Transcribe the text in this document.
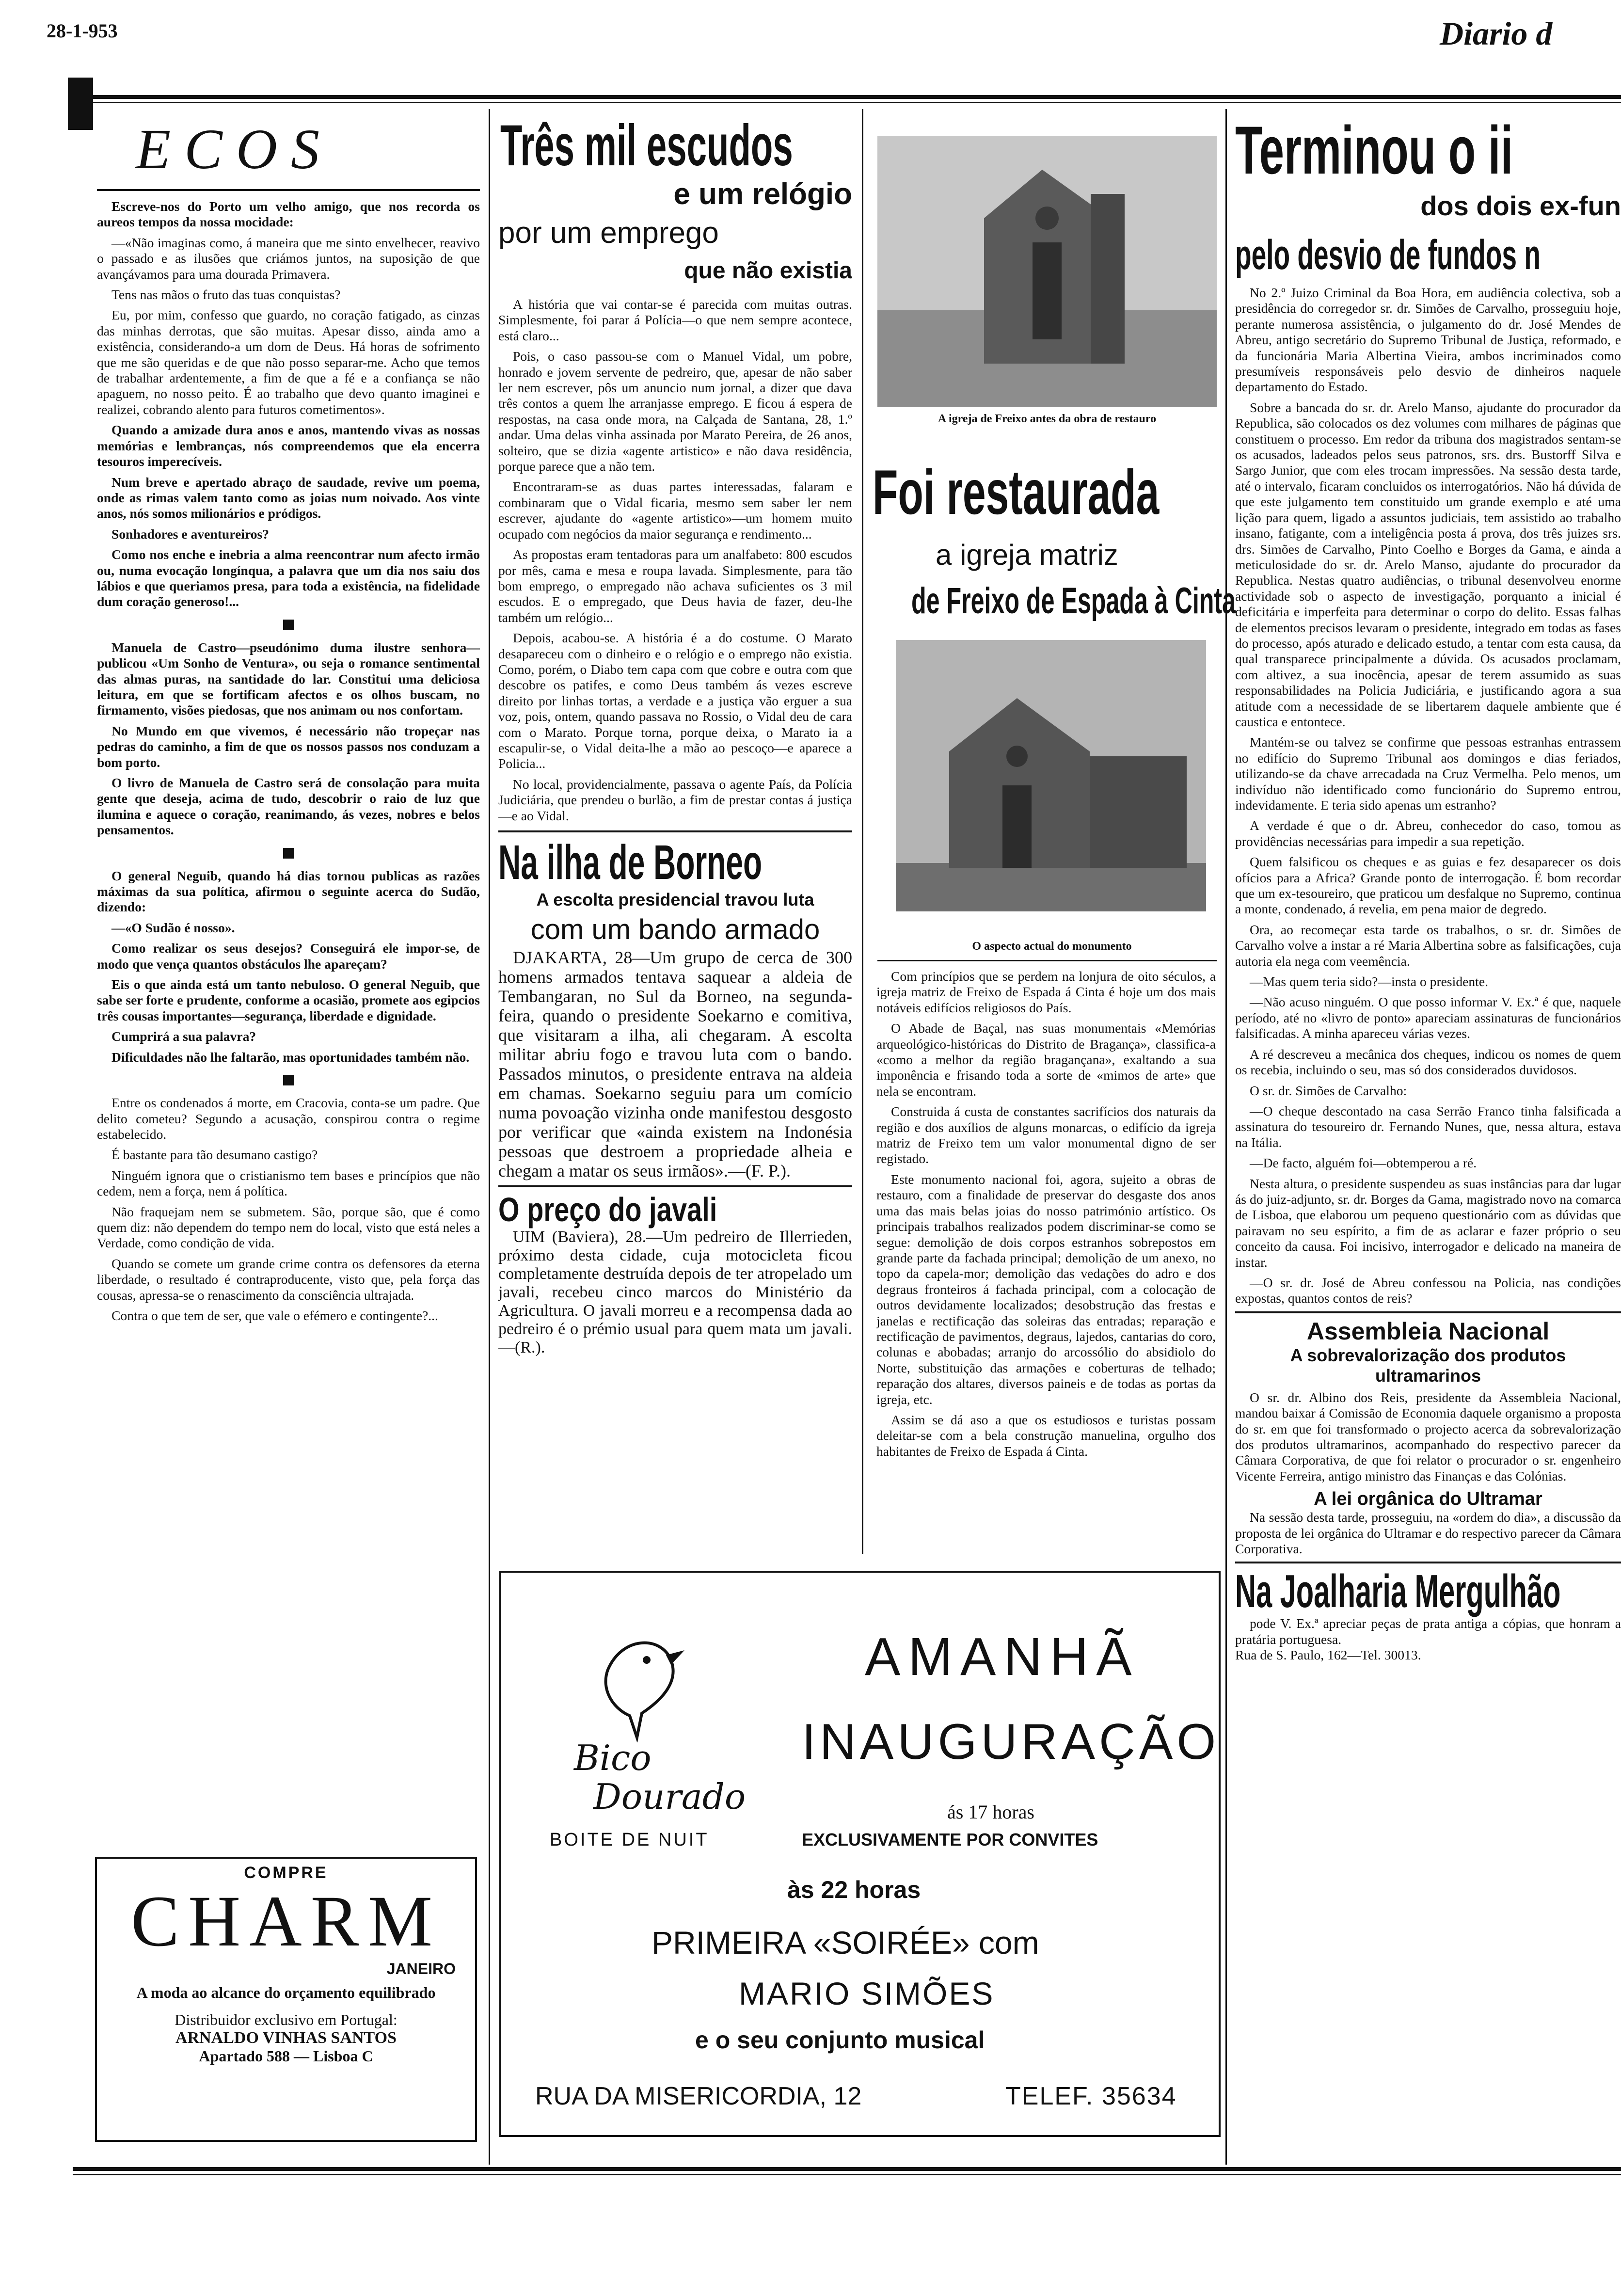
28-1-953	Diario d
ECOS

Escreve-nos do Porto um velho amigo, que nos recorda os aureos tempos da nossa mocidade:

—«Não imaginas como, á maneira que me sinto envelhecer, reavivo o passado e as ilusões que criámos juntos, na suposição de que avançávamos para uma dourada Primavera.

Tens nas mãos o fruto das tuas conquistas?

Eu, por mim, confesso que guardo, no coração fatigado, as cinzas das minhas derrotas, que são muitas. Apesar disso, ainda amo a existência, considerando-a um dom de Deus. Há horas de sofrimento que me são queridas e de que não posso separar-me. Acho que temos de trabalhar ardentemente, a fim de que a fé e a confiança se não apaguem, no nosso peito. É ao trabalho que devo quanto imaginei e realizei, cobrando alento para futuros cometimentos».

Quando a amizade dura anos e anos, mantendo vivas as nossas memórias e lembranças, nós compreendemos que ela encerra tesouros imperecíveis.

Num breve e apertado abraço de saudade, revive um poema, onde as rimas valem tanto como as joias num noivado. Aos vinte anos, nós somos milionários e pródigos.

Sonhadores e aventureiros?

Como nos enche e inebria a alma reencontrar num afecto irmão ou, numa evocação longínqua, a palavra que um dia nos saiu dos lábios e que queriamos presa, para toda a existência, na fidelidade dum coração generoso!...

Manuela de Castro—pseudónimo duma ilustre senhora—publicou «Um Sonho de Ventura», ou seja o romance sentimental das almas puras, na santidade do lar. Constitui uma deliciosa leitura, em que se fortificam afectos e os olhos buscam, no firmamento, visões piedosas, que nos animam ou nos confortam.

No Mundo em que vivemos, é necessário não tropeçar nas pedras do caminho, a fim de que os nossos passos nos conduzam a bom porto.

O livro de Manuela de Castro será de consolação para muita gente que deseja, acima de tudo, descobrir o raio de luz que ilumina e aquece o coração, reanimando, ás vezes, nobres e belos pensamentos.

O general Neguib, quando há dias tornou publicas as razões máximas da sua política, afirmou o seguinte acerca do Sudão, dizendo:

—«O Sudão é nosso».

Como realizar os seus desejos? Conseguirá ele impor-se, de modo que vença quantos obstáculos lhe apareçam?

Eis o que ainda está um tanto nebuloso. O general Neguib, que sabe ser forte e prudente, conforme a ocasião, promete aos egipcios três cousas importantes—segurança, liberdade e dignidade.

Cumprirá a sua palavra?

Dificuldades não lhe faltarão, mas oportunidades também não.

Entre os condenados á morte, em Cracovia, conta-se um padre. Que delito cometeu? Segundo a acusação, conspirou contra o regime estabelecido.

É bastante para tão desumano castigo?

Ninguém ignora que o cristianismo tem bases e princípios que não cedem, nem a força, nem á política.

Não fraquejam nem se submetem. São, porque são, que é como quem diz: não dependem do tempo nem do local, visto que está neles a Verdade, como condição de vida.

Quando se comete um grande crime contra os defensores da eterna liberdade, o resultado é contraproducente, visto que, pela força das cousas, apressa-se o renascimento da consciência ultrajada.

Contra o que tem de ser, que vale o efémero e contingente?...

COMPRE
CHARM
JANEIRO
A moda ao alcance do orçamento equilibrado
Distribuidor exclusivo em Portugal:
ARNALDO VINHAS SANTOS
Apartado 588 — Lisboa C
Três mil escudos
e um relógio
por um emprego
que não existia

A história que vai contar-se é parecida com muitas outras. Simplesmente, foi parar á Polícia—o que nem sempre acontece, está claro...

Pois, o caso passou-se com o Manuel Vidal, um pobre, honrado e jovem servente de pedreiro, que, apesar de não saber ler nem escrever, pôs um anuncio num jornal, a dizer que dava três contos a quem lhe arranjasse emprego. E ficou á espera de respostas, na casa onde mora, na Calçada de Santana, 28, 1.º andar. Uma delas vinha assinada por Marato Pereira, de 26 anos, solteiro, que se dizia «agente artistico» e não dava residência, porque parece que a não tem.

Encontraram-se as duas partes interessadas, falaram e combinaram que o Vidal ficaria, mesmo sem saber ler nem escrever, ajudante do «agente artistico»—um homem muito ocupado com negócios da maior segurança e rendimento...

As propostas eram tentadoras para um analfabeto: 800 escudos por mês, cama e mesa e roupa lavada. Simplesmente, para tão bom emprego, o empregado não achava suficientes os 3 mil escudos. E o empregado, que Deus havia de fazer, deu-lhe também um relógio...

Depois, acabou-se. A história é a do costume. O Marato desapareceu com o dinheiro e o relógio e o emprego não existia. Como, porém, o Diabo tem capa com que cobre e outra com que descobre os patifes, e como Deus também ás vezes escreve direito por linhas tortas, a verdade e a justiça vão erguer a sua voz, pois, ontem, quando passava no Rossio, o Vidal deu de cara com o Marato. Porque torna, porque deixa, o Marato ia a escapulir-se, o Vidal deita-lhe a mão ao pescoço—e aparece a Policia...

No local, providencialmente, passava o agente País, da Polícia Judiciária, que prendeu o burlão, a fim de prestar contas á justiça—e ao Vidal.

Na ilha de Borneo
A escolta presidencial travou luta
com um bando armado

DJAKARTA, 28—Um grupo de cerca de 300 homens armados tentava saquear a aldeia de Tembangaran, no Sul da Borneo, na segunda-feira, quando o presidente Soekarno e comitiva, que visitaram a ilha, ali chegaram. A escolta militar abriu fogo e travou luta com o bando. Passados minutos, o presidente entrava na aldeia em chamas. Soekarno seguiu para um comício numa povoação vizinha onde manifestou desgosto por verificar que «ainda existem na Indonésia pessoas que destroem a propriedade alheia e chegam a matar os seus irmãos».—(F. P.).

O preço do javali

UIM (Baviera), 28.—Um pedreiro de Illerrieden, próximo desta cidade, cuja motocicleta ficou completamente destruída depois de ter atropelado um javali, recebeu cinco marcos do Ministério da Agricultura. O javali morreu e a recompensa dada ao pedreiro é o prémio usual para quem mata um javali.—(R.).

A igreja de Freixo antes da obra de restauro
Foi restaurada
a igreja matriz
de Freixo de Espada à Cinta
O aspecto actual do monumento

Com princípios que se perdem na lonjura de oito séculos, a igreja matriz de Freixo de Espada á Cinta é hoje um dos mais notáveis edifícios religiosos do País.

O Abade de Baçal, nas suas monumentais «Memórias arqueológico-históricas do Distrito de Bragança», classifica-a «como a melhor da região bragançana», exaltando a sua imponência e frisando toda a sorte de «mimos de arte» que nela se encontram.

Construida á custa de constantes sacrifícios dos naturais da região e dos auxílios de alguns monarcas, o edifício da igreja matriz de Freixo tem um valor monumental digno de ser registado.

Este monumento nacional foi, agora, sujeito a obras de restauro, com a finalidade de preservar do desgaste dos anos uma das mais belas joias do nosso património artístico. Os principais trabalhos realizados podem discriminar-se como se segue: demolição de dois corpos estranhos sobrepostos em grande parte da fachada principal; demolição de um anexo, no topo da capela-mor; demolição das vedações do adro e dos degraus fronteiros á fachada principal, com a colocação de outros devidamente localizados; desobstrução das frestas e janelas e rectificação das soleiras das entradas; reparação e rectificação de pavimentos, degraus, lajedos, cantarias do coro, colunas e abobadas; arranjo do arcossólio do absidiolo do Norte, substituição das armações e coberturas de telhado; reparação dos altares, diversos paineis e de todas as portas da igreja, etc.

Assim se dá aso a que os estudiosos e turistas possam deleitar-se com a bela construção manuelina, orgulho dos habitantes de Freixo de Espada á Cinta.

Bico
Dourado
BOITE DE NUIT
AMANHÃ
INAUGURAÇÃO
ás 17 horas
EXCLUSIVAMENTE POR CONVITES
às 22 horas
PRIMEIRA «SOIRÉE» com
MARIO SIMÕES
e o seu conjunto musical
RUA DA MISERICORDIA, 12	TELEF. 35634
Terminou o ii
dos dois ex-fun
pelo desvio de fundos n

No 2.º Juizo Criminal da Boa Hora, em audiência colectiva, sob a presidência do corregedor sr. dr. Simões de Carvalho, prosseguiu hoje, perante numerosa assistência, o julgamento do dr. José Mendes de Abreu, antigo secretário do Supremo Tribunal de Justiça, reformado, e da funcionária Maria Albertina Vieira, ambos incriminados como presumíveis responsáveis pelo desvio de dinheiros naquele departamento do Estado.

Sobre a bancada do sr. dr. Arelo Manso, ajudante do procurador da Republica, são colocados os dez volumes com milhares de páginas que constituem o processo. Em redor da tribuna dos magistrados sentam-se os acusados, ladeados pelos seus patronos, srs. drs. Bustorff Silva e Sargo Junior, que com eles trocam impressões. Na sessão desta tarde, até o intervalo, ficaram concluidos os interrogatórios. Não há dúvida de que este julgamento tem constituido um grande exemplo e até uma lição para quem, ligado a assuntos judiciais, tem assistido ao trabalho insano, fatigante, com a inteligência posta á prova, dos três juizes srs. drs. Simões de Carvalho, Pinto Coelho e Borges da Gama, e ainda a meticulosidade do sr. dr. Arelo Manso, ajudante do procurador da Republica. Nestas quatro audiências, o tribunal desenvolveu enorme actividade sob o aspecto de investigação, porquanto a inicial é deficitária e imperfeita para determinar o corpo do delito. Essas falhas de elementos precisos levaram o presidente, integrado em todas as fases do processo, após aturado e delicado estudo, a tentar com esta causa, da qual transparece principalmente a dúvida. Os acusados proclamam, com altivez, a sua inocência, apesar de terem assumido as suas responsabilidades na Policia Judiciária, e justificando agora a sua atitude com a necessidade de se libertarem daquele ambiente que é caustica e entontece.

Mantém-se ou talvez se confirme que pessoas estranhas entrassem no edifício do Supremo Tribunal aos domingos e dias feriados, utilizando-se da chave arrecadada na Cruz Vermelha. Pelo menos, um indivíduo não identificado como funcionário do Supremo entrou, indevidamente. E teria sido apenas um estranho?

A verdade é que o dr. Abreu, conhecedor do caso, tomou as providências necessárias para impedir a sua repetição.

Quem falsificou os cheques e as guias e fez desaparecer os dois ofícios para a Africa? Grande ponto de interrogação. É bom recordar que um ex-tesoureiro, que praticou um desfalque no Supremo, continua a monte, condenado, á revelia, em pena maior de degredo.

Ora, ao recomeçar esta tarde os trabalhos, o sr. dr. Simões de Carvalho volve a instar a ré Maria Albertina sobre as falsificações, cuja autoria ela nega com veemência.

—Mas quem teria sido?—insta o presidente.

—Não acuso ninguém. O que posso informar V. Ex.ª é que, naquele período, até no «livro de ponto» apareciam assinaturas de funcionários falsificadas. A minha apareceu várias vezes.

A ré descreveu a mecânica dos cheques, indicou os nomes de quem os recebia, incluindo o seu, mas só dos considerados duvidosos.

O sr. dr. Simões de Carvalho:

—O cheque descontado na casa Serrão Franco tinha falsificada a assinatura do tesoureiro dr. Fernando Nunes, que, nessa altura, estava na Itália.

—De facto, alguém foi—obtemperou a ré.

Nesta altura, o presidente suspendeu as suas instâncias para dar lugar ás do juiz-adjunto, sr. dr. Borges da Gama, magistrado novo na comarca de Lisboa, que elaborou um pequeno questionário com as dúvidas que pairavam no seu espírito, a fim de as aclarar e fazer próprio o seu conceito da causa. Foi incisivo, interrogador e delicado na maneira de instar.

—O sr. dr. José de Abreu confessou na Policia, nas condições expostas, quantos contos de reis?

Assembleia Nacional
A sobrevalorização dos produtos ultramarinos

O sr. dr. Albino dos Reis, presidente da Assembleia Nacional, mandou baixar á Comissão de Economia daquele organismo a proposta do sr. em que foi transformado o projecto acerca da sobrevalorização dos produtos ultramarinos, acompanhado do respectivo parecer da Câmara Corporativa, de que foi relator o procurador o sr. engenheiro Vicente Ferreira, antigo ministro das Finanças e das Colónias.

A lei orgânica do Ultramar

Na sessão desta tarde, prosseguiu, na «ordem do dia», a discussão da proposta de lei orgânica do Ultramar e do respectivo parecer da Câmara Corporativa.

Na Joalharia Mergulhão

pode V. Ex.ª apreciar peças de prata antiga a cópias, que honram a pratária portuguesa.

Rua de S. Paulo, 162—Tel. 30013.
